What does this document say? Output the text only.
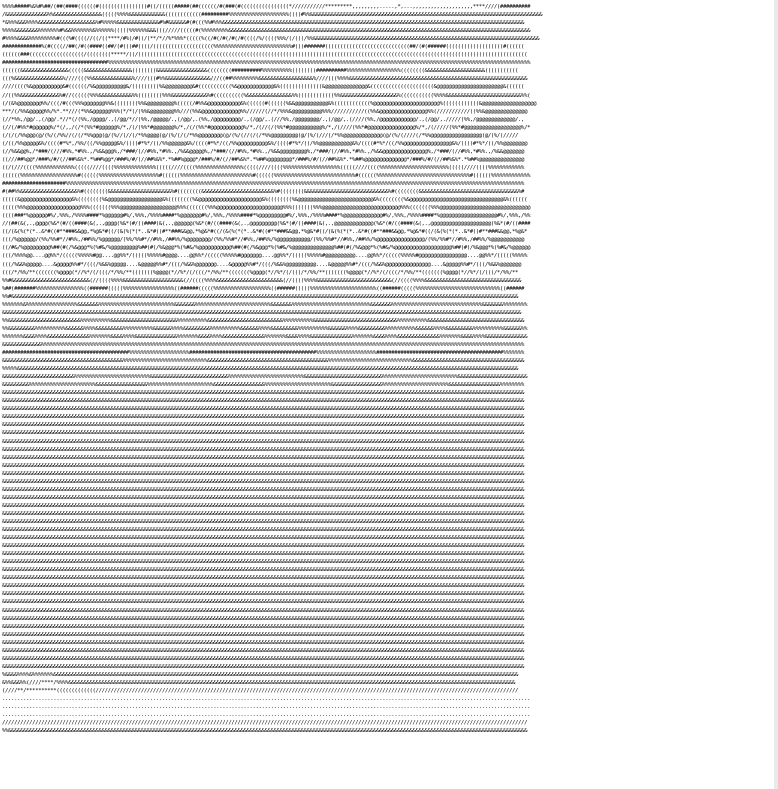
%%%%#####%&%#%##/(##(####((((((#((((((((((((((((#((/(((((#####(##((((((/#(###(#((((((((((((((((*///////////*********,,,,,,,,,.....,*,...,,,,,,,,,,,,,,,,,,,,****////(##########
/&&&&&&&&&&&&&&%%&&&&&&&&&&&&&&&&(((((%%%%&&&&&&&&&&&&((((((((((((#########%%%%%%%%%%%%%%%%%%%%((((#%%&&&&&&&&&&&&&&&&&&&&&&&&&&&&&&&&&&&&&&&&&&&&&&&&&&&&&&&&&&&&&&&&&&&&&&&&&&&&&
*&%%%&&&%%%%&&&&&&&&&&&&&&&&&&&%#%%%%%&&&&&&&&&&&&&&#%#&&&&&&#(#(((%%#%%%&&&&&&&&&&&&&&&&&&&&&&&&&&&&&&&&&&&&&&&&&&&&&&&&&&&&&&&&&&&&&&&&&&&&&&&&&&&&&&&&&&&&&&&&&&&&&&&&&&&&
%%%%&&&&&&&&%%%%%%%#%&&%%%%%%%&%%%%%%(((((%%%%%%&&&(((/////(((((#(%%%%%%%%%&&&&&&&&&&&&&&&&&&&&&&&&&&&&&&&&&&&&&&&&&&&&&&&&&&&&&&&&&&&&&&&&&&&&&&&&&&&&&&&&&&&&&&&&&&&&&&&&&&&&
#%%%%&&&&%%%%%%%%%#(((%#((((//((/((****/#%(/#((/(**/*//%*%%%*(((((%((/#(/#(/#(/#((((/%/((((%%%/(/(((/%%&&&&&&&&&&&&&&&&&&&&&&&&&&&&&&&&&&&&&&&&&&&&&&&&&&&&&&&&&&&&&&&&&&&&&&&&&&&
#############%(#((((//##(/#((####((##/(#(((##((((/((((((((((((((((((((%%%%%%%%%%%%%%%%%%%%%%%%%%#(((#######((((((((((((((((((((((((((((##/(#(######(((((((((((((((((((#((((((
((((((###((((((((((((((((((/((((((((*****/((/(((((((((((((((((((((((((((((((((((((((((((((((((((((((((((((((((((((((((((((((((((((((((((((((((((((((((((((((((((((((((((((((((
###################################%%%%%%%%%%%%%%%%%%%%%%%%%%%%%%%%%%%%%%%%%%%%%%%%%%%%%%%%%%%%%%%%%%%%%%%%%%%%%%%%%%%%%%%%%%%%%%%%%%%%%%%%%%%%%%%%%%%%%%%%%%%%%%%%%%%%%%%%%%%%
((((((&&&&&&&&&&&&&&&&(((((&&&&&&&&&&&&&&&&((((((((&&&&&&&&&&&&&&&&&((((((((##########%%%%%%%%%%((((((((##########%%%%%%%%%%%%%%%%%%((((((((&&&&&&&&&&&&&&&&&&&&(((((((((((
(((%&&&&&&&&&&&&&&&&%////(((%%&&&&&&&&&&&&&%////(((#%%&&&&&&&&&&&&&&&///((##%%%%%%%%%&&&&&&&&&&&&&&&&&&%////(((%%%%&&&&&&&&&&&&&&&&&&&&&&&&&&&&&&&&&&&&&&&&&&&&&&&&&&&&&&&&&&&
////((((%&@@@@@@@@@@&#((((((/%&@@@@@@@@@@&/(((((((((%&@@@@@@@@@&#(((((((((((%&@@@@@@@@@@@@&%((((((((((((((&@@@@@@@@@@@@@@&(((((((((((((((((((((&@@@@@@@@@@@@@@@@@@@@@@&((((((
//((%%&&&&&&&&&&&&&%#//((((((%%%&&&&&&&&&&&%%((((((((%%%&&&&&&&&&&&&%#((((((((((%&&&&&&&&&&&&&&&%%((((((((((((%%&&&&&&&&&&&&&&&&&&&%(((((((((((%%%%&&&&&&&&&&&&&&&&&&&&&&&&&%%(
(/(&%@@@@@@@@%%/(((/#(((%%%@@@@@@@%%&((((((((%%&@@@@@@@@@%(((((/#%%&@@@@@@@@@@@&%((((((#((((((%&&@@@@@@@@@@@&%((((((((((((%@@@@@@@@@@@@@@@@@@@@@@%((((((((((((&@@@@@@@@@@@@@@@@@@
***/(/%%&@@@@@%%/%*.**///(*%%&@@@@@@%%%(*/*(/(%%&@@@@@@@@%%///(%%&@@@@@@@@@@@@@%%//////(//*/%%%&@@@@@@@@@@%%%///////////((%%&@@@@@@@@@@@@@@@@%%(///////////((%%&@@@@@@@@@@@@@@
(//*%%,/@@/.,(/@@/.*//*(/(%%,/@@@@/.,(/@@/*//(%%,/@@@@@/.,(/@@/,.(%%,/@@@@@@@@@/.,(/@@/,.(///%%,/@@@@@@@@/.,(/@@/,.(////(%%,/@@@@@@@@@@@@/.,(/@@/,./////(%%,/@@@@@@@@@@@@@/.,
(//(/#%%*#@@@@@@%/*(/,,/(/*(%%*#@@@@@@%/*,/(/(%%*#@@@@@@@%/*,/(/(%%*#@@@@@@@@@@@%/*,/(//(/(%%*#@@@@@@@@@@@%/*,/(////(%%*#@@@@@@@@@@@@@@@@%/*,/(/////(%%*#@@@@@@@@@@@@@@@@@@@%/*
(/(/(/%%@@@(@/(%/(/%%//(/(/*%%@@@(@/(%//(//(/*%%@@@@(@/(%/(/(/*%%@@@@@@@@(@/(%/(//(/(/*%%@@@@@@@@@(@/(%/(///(/*%%@@@@@@@@@@@@@(@/(%/(////(/*%%@@@@@@@@@@@@@@@@@(@/(%/(/////
(/((/%%@@@@@&%/((((#*%*,/%%/((/%%@@@@@&%/((((#*%*/((/%%@@@@@@&%/((((#*%*/((/%%@@@@@@@@@@&%/((((#*%*/((/%%@@@@@@@@@@@&%/((((#*%*/((/%%@@@@@@@@@@@@@@@@&%/((((#*%*/((/%%@@@@@@@@
(//%&&@@%,/*###/(///#%%,*#%%.,/%&&@@@%,/*###/(//#%%,*#%%.,/%&&@@@@@%,/*###/(//#%%,*#%%.,/%&&@@@@@@@@@%,/*###/(//#%%,*#%%.,/%&&@@@@@@@@@@@@@@@%,/*###/(//#%%,*#%%.,/%&&@@@@@@@
((///##%@@*/###%/#/(//##%&%*.*%##%@@*/###%/#/(//##%&%*.*%##%@@@@*/###%/#/(//##%&%*.*%##%@@@@@@@@*/###%/#/(//##%&%*.*%##%@@@@@@@@@@@@@@*/###%/#/(//##%&%*.*%##%@@@@@@@@@@@@@@@
((/(///((((%%%%%%%%%%%%%(((((////((((%%%%%%%%%%%%%%(((((////((((%%%%%%%%%%%%%%%%(((((////((((%%%%%%%%%%%%%%%%%%%(((((////((((%%%%%%%%%%%%%%%%%%%%%%%(((((////((((%%%%%%%%%%%%
((((((%%%%%%%%%%%%%%%%%%%#((((((%%%%%%%%%%%%%%%%%%%%#((((((%%%%%%%%%%%%%%%%%%%%%%%%#((((((%%%%%%%%%%%%%%%%%%%%%%%%%%%#((((((%%%%%%%%%%%%%%%%%%%%%%%%%%%%%%%#((((((%%%%%%%%%%%%%
#####################%%%%%%%%%%%%%%%%%%%%%%%%%%%%%%%%%%%%%%%%%%%%%%%%%%%%%%%%%%%%%%%%%%%%%%%%%%%%%%%%%%%%%%%%%%%%%%%%%%%%%%%%%%%%%%%%%%%%%%%%%%%%%%%%%%%%%%%%%%%%%%%%%%%%%%%%
#(##%%&&&&&&&&&&&&&&&&&&&%#((((((((&&&&&&&&&&&&&&&&&&&&&%#((((((((&&&&&&&&&&&&&&&&&&&&&&&&%#((((((((&&&&&&&&&&&&&&&&&&&&&&&&&&&&%#((((((((&&&&&&&&&&&&&&&&&&&&&&&&&&&&&&&&&%#
(((((&@@@@@@@@@@@@@@@@@&%((((((((%&@@@@@@@@@@@@@@@@@@&%((((((((%&@@@@@@@@@@@@@@@@@@@@@&%((((((((%&@@@@@@@@@@@@@@@@@@@@@@@@@&%((((((((%&@@@@@@@@@@@@@@@@@@@@@@@@@@@@@@@&%((((((
(((((%%%@@@@@@@@@@@@@@@@@@%%%(((((((%%%@@@@@@@@@@@@@@@@@@@%%%(((((((%%%@@@@@@@@@@@@@@@@@@@@@@%%%(((((((%%%@@@@@@@@@@@@@@@@@@@@@@@@@@%%%(((((((%%%@@@@@@@@@@@@@@@@@@@@@@@@@@@@@@
((((###*%@@@@@@#%/,%%%,/%%%%####*%@@@@@@#%/,%%%,/%%%%####*%@@@@@@@#%/,%%%,/%%%%####*%@@@@@@@@@#%/,%%%,/%%%%####*%@@@@@@@@@@@@@#%/,%%%,/%%%%####*%@@@@@@@@@@@@@@@@@@@#%/,%%%,/%%
//(##(&(,.,@@@@(%&*(#/((####(&(,.,@@@@(%&*(#/((####(&(,.,@@@@@@(%&*(#/((####(&(,.,@@@@@@@@@(%&*(#/((####(&(,.,@@@@@@@@@@@@@(%&*(#/((####(&(,.,@@@@@@@@@@@@@@@@@@@@(%&*(#/((####
((/(&(%(*(*..&*#((#**###&&@@,*%@&*#((/(&(%(*(*..&*#((#**###&&@@,*%@&*#((/(&(%(*(*..&*#((#**###&&@@,*%@&*#((/(&(%(*(*..&*#((#**###&&@@,*%@&*#((/(&(%(*(*..&*#((#**###&&@@,*%@&*
(((/%@@@@@@/(%%/%%#*//#%%,/##%%/%@@@@@@/(%%/%%#*//#%%,/##%%/%@@@@@@@@/(%%/%%#*//#%%,/##%%/%@@@@@@@@@@@/(%%/%%#*//#%%,/##%%/%@@@@@@@@@@@@@@@@/(%%/%%#*//#%%,/##%%/%@@@@@@@@@@@
((/#&/%@@@@@@@@@%##(#(/%&@@@*%(%#&/%@@@@@@@@@%##(#(/%&@@@*%(%#&/%@@@@@@@@@@@%##(#(/%&@@@*%(%#&/%@@@@@@@@@@@@@@%##(#(/%&@@@*%(%#&/%@@@@@@@@@@@@@@@@@@@%##(#(/%&@@@*%(%#&/%@@@@@@
(((/%%%%@@....@@%%*/(((((%%%%%#@@....@@%%*/(((((%%%%%#@@@@....@@%%*/(((((%%%%%#@@@@@@@....@@%%*/(((((%%%%%#@@@@@@@@@@....@@%%*/(((((%%%%%#@@@@@@@@@@@@@@@@....@@%%*/(((((%%%%%
(((/%&&%@@@@@....&@@@@@%%#*/(((/%&&%@@@@@....&@@@@@%%#*/(((/%&&%@@@@@@@....&@@@@@%%#*/(((/%&&%@@@@@@@@@@....&@@@@@%%#*/(((/%&&%@@@@@@@@@@@@@@@....&@@@@@%%#*/(((/%&&%@@@@@@@
(((/*/%%/**(((((((%@@@@(*//%*/(/(((/*/%%/**(((((((%@@@@(*//%*/(/(((/*/%%/**(((((((%@@@@(*//%*/(/(((/*/%%/**(((((((%@@@@(*//%*/(/(((/*/%%/**(((((((%@@@@(*//%*/(/(((/*/%%/**
%%#&&&&&&&&&&&&&&&&&&&&&&&&&&(//((((%%%%&&&&&&&&&&&&&&&&&&&&(//((((%%%%&&&&&&&&&&&&&&&&&&&&&&(//((((%%%%&&&&&&&&&&&&&&&&&&&&&&&&&(//((((%%%%&&&&&&&&&&&&&&&&&&&&&&&&&&&&&&&&
%##(#######%%%%%%%%%%%%%%%%((######(((((%%%%%%%%%%%%%%%%%((######(((((%%%%%%%%%%%%%%%%%%%((######(((((%%%%%%%%%%%%%%%%%%%%%%((######(((((%%%%%%%%%%%%%%%%%%%%%%%%%%%%((######
%%#&&&&&&&&&&&&&&&&&&&&&&&&&&&&&&&&&&&&&&&&&&&&&&&&&&&&&&&&&&&&&&&&&&&&&&&&&&&&&&&&&&&&&&&&&&&&&&&&&&&&&&&&&&&&&&&&&&&&&&&&&&&&&&&&&&&&&&&&&&&&&&&&&&&&&&&&&&&&&&&&&&&&&&&&
%%%%%%%&%%%%%%%%%%%%%%%%%&&&&&&&%%%%%%%%%%%%%%%%%%%%%%%%%&&&&&&&%%%%%%%%%%%%%%%%%%%%%%%%%&&&&&&&%%%%%%%%%%%%%%%%%%%%%%%%%%&&&&&&&%%%%%%%%%%%%%%%%%%%%%%%%%%%%%%&&&&&&&%%%%%%%%
&&&&&&&&&&&&&&&&&&&&&&&&&&&&&&&&&&&&&&&&&&&&&&&&&&&&&&&&&&&&&&&&&&&&&&&&&&&&&&&&&&&&&&&&&&&&&&&&&&&&&&&&&&&&&&&&&&&&&&&&&&&&&&&&&&&&&&&&&&&&&&&&&&&&&&&&&&&&&&&&&&&&&&&&&&&&
%%&&&&&&&&&&&&&&&&&&&&&&&&%%%%%%%%%%&&&&&&&&&&&&&&&&&&&&&&%%%%%%%%%%&&&&&&&&&&&&&&&&&&&&&&&&&%%%%%%%%%%&&&&&&&&&&&&&&&&&&&&&&&&&&&&%%%%%%%%%%&&&&&&&&&&&&&&&&&&&&&&&&&&&&&&&&
%%&&&&&&&&&%%%%%%%%%%&&&&&&%%%%&&&&&&&&&%%%%%%%%%%&&&&&&%%%%&&&&&&&&&%%%%%%%%%%&&&&&&%%%%&&&&&&&&&%%%%%%%%%%&&&&&&%%%%&&&&&&&&&%%%%%%%%%%&&&&&&%%%%&&&&&&&&&%%%%%%%%%%&&&&&&%%
%%%%%%%&&&&%%%%&&&&&&&&&&&&&&%%%%%%%&&&&%%%%&&&&&&&&&&&&&&%%%%%%%&&&&%%%%&&&&&&&&&&&&&&%%%%%%%&&&&%%%%&&&&&&&&&&&&&&%%%%%%%&&&&%%%%&&&&&&&&&&&&&&%%%%%%%&&&&%%%%&&&&&&&&&&&&&&
&&&&&&&&&&&&&%%%%%%%%%%%%%%%%%%%%%%%%%%%%%%%%%%%%%%%%%%%%%%%%%%%%%%%%%%%%%%%%%%%%%%%%%%%%%%%%%%%%%%%%%%%%%%%%%%%%%%%%%%%%%%%%%%%%%%%%%%%%%%%%%%%%%%%%%%%%%%%%%%%%%%%%%%%%%%%%
##########################################%%%%%%%%%%%%%%%%%%%%##########################################%%%%%%%%%%%%%%%%%%%%##########################################%%%%%%%
&&&&&&&&&&&&&&&&&&&&&&&&&&&&&&&&&&&&&&&&%%%%%%%%%%%%%%%%%%%%%%%%%%%%&&&&&&&&&&&&&&&&&&&&&&&&&&&&&&&&&&&&&&&&%%%%%%%%%%%%%%%%%%%%%%%%%%%%&&&&&&&&&&&&&&&&&&&&&&&&&&&&&&&&&&&&&
%%%%%&&&&&&&&&&&&&&&&&&&&&&&&&&&&&&&&&&&&&&&&&&&&&&&&&&&&&&&&&&&&&&&&&&&&&&&&&&&&&&&&&&&&&&&&&&&&&&&&&&&&&&&&&&&&&&&&&&&&&&&&&&&&&&&&&&&&&&&&&&&&&&&&&&&&&&&&&&&&&&&&&&&&&&
&&&&&&&&&&&&&&&&&&&&&&&&%%%%%%%%%%%%%%%%%%%%%%%%%&&&&&&&&&&&&&&&&&&&&&&&&&&%%%%%%%%%%%%%%%%%%%%%%%%%&&&&&&&&&&&&&&&&&&&&&&&&&&%%%%%%%%%%%%%%%%%%%%%%%%%&&&&&&&&&&&&&&&&&&&&&&&
&&&&&&&&&%%%%%%%%%%%%%%%%%%%%%%&&&&&&&&&&&&&&&&&%%%%%%%%%%%%%%%%%%%%%%&&&&&&&&&&&&&&&&&%%%%%%%%%%%%%%%%%%%%%%&&&&&&&&&&&&&&&&&%%%%%%%%%%%%%%%%%%%%%%&&&&&&&&&&&&&&&&&%%%%%%%%
&&&&&&&&&&&&&&&&&&&&&&&&&&&&&&&&&&&&&&&&&&&&&&&&&&&&&&&&&&&&&&&&&&&&&&&&&&&&&&&&&&&&&&&&&&&&&&&&&&&&&&&&&&&&&&&&&&&&&&&&&&&&&&&&&&&&&&&&&&&&&&&&&&&&&&&&&&&&&&&&&&&&&&&&&&&&&
&&&&&&&&&&&&&&&&&&&&&&&&&&&&&&&&&&&&&&&&&&&&&&&&&&&&&&&&&&&&&&&&&&&&&&&&&&&&&&&&&&&&&&&&&&&&&&&&&&&&&&&&&&&&&&&&&&&&&&&&&&&&&&&&&&&&&&&&&&&&&&&&&&&&&&&&&&&&&&&&&&&&&&&&&&&&&
&&&&&&&&&&&&&&&&&&&&&&&&&&&&&&&&&&&&&&&&&&&&&&&&&&&&&&&&&&&&&&&&&&&&&&&&&&&&&&&&&&&&&&&&&&&&&&&&&&&&&&&&&&&&&&&&&&&&&&&&&&&&&&&&&&&&&&&&&&&&&&&&&&&&&&&&&&&&&&&&&&&&&&&&&&&&&
&&&&&&&&&&&&&&&&&&&&&&&&&&&&&&&&&&&&&&&&&&&&&&&&&&&&&&&&&&&&&&&&&&&&&&&&&&&&&&&&&&&&&&&&&&&&&&&&&&&&&&&&&&&&&&&&&&&&&&&&&&&&&&&&&&&&&&&&&&&&&&&&&&&&&&&&&&&&&&&&&&&&&&&&&&&&&
&&&&&&&&&&&&&&&&&&&&&&&&&&&&&&&&&&&&&&&&&&&&&&&&&&&&&&&&&&&&&&&&&&&&&&&&&&&&&&&&&&&&&&&&&&&&&&&&&&&&&&&&&&&&&&&&&&&&&&&&&&&&&&&&&&&&&&&&&&&&&&&&&&&&&&&&&&&&&&&&&&&&&&&&&&&&&
&&&&&&&&&&&&&&&&&&&&&&&&&&&&&&&&&&&&&&&&&&&&&&&&&&&&&&&&&&&&&&&&&&&&&&&&&&&&&&&&&&&&&&&&&&&&&&&&&&&&&&&&&&&&&&&&&&&&&&&&&&&&&&&&&&&&&&&&&&&&&&&&&&&&&&&&&&&&&&&&&&&&&&&&&&&&&
&&&&&&&&&&&&&&&&&&&&&&&&&&&&&&&&&&&&&&&&&&&&&&&&&&&&&&&&&&&&&&&&&&&&&&&&&&&&&&&&&&&&&&&&&&&&&&&&&&&&&&&&&&&&&&&&&&&&&&&&&&&&&&&&&&&&&&&&&&&&&&&&&&&&&&&&&&&&&&&&&&&&&&&&&&&&&
&&&&&&&&&&&&&&&&&&&&&&&&&&&&&&&&&&&&&&&&&&&&&&&&&&&&&&&&&&&&&&&&&&&&&&&&&&&&&&&&&&&&&&&&&&&&&&&&&&&&&&&&&&&&&&&&&&&&&&&&&&&&&&&&&&&&&&&&&&&&&&&&&&&&&&&&&&&&&&&&&&&&&&&&&&&&&
&&&&&&&&&&&&&&&&&&&&&&&&&&&&&&&&&&&&&&&&&&&&&&&&&&&&&&&&&&&&&&&&&&&&&&&&&&&&&&&&&&&&&&&&&&&&&&&&&&&&&&&&&&&&&&&&&&&&&&&&&&&&&&&&&&&&&&&&&&&&&&&&&&&&&&&&&&&&&&&&&&&&&&&&&&&&&
&&&&&&&&&&&&&&&&&&&&&&&&&&&&&&&&&&&&&&&&&&&&&&&&&&&&&&&&&&&&&&&&&&&&&&&&&&&&&&&&&&&&&&&&&&&&&&&&&&&&&&&&&&&&&&&&&&&&&&&&&&&&&&&&&&&&&&&&&&&&&&&&&&&&&&&&&&&&&&&&&&&&&&&&&&&&&
&&&&&&&&&&&&&&&&&&&&&&&&&&&&&&&&&&&&&&&&&&&&&&&&&&&&&&&&&&&&&&&&&&&&&&&&&&&&&&&&&&&&&&&&&&&&&&&&&&&&&&&&&&&&&&&&&&&&&&&&&&&&&&&&&&&&&&&&&&&&&&&&&&&&&&&&&&&&&&&&&&&&&&&&&&&&&
&&&&&&&&&&&&&&&&&&&&&&&&&&&&&&&&&&&&&&&&&&&&&&&&&&&&&&&&&&&&&&&&&&&&&&&&&&&&&&&&&&&&&&&&&&&&&&&&&&&&&&&&&&&&&&&&&&&&&&&&&&&&&&&&&&&&&&&&&&&&&&&&&&&&&&&&&&&&&&&&&&&&&&&&&&&&&
&&&&&&&&&&&&&&&&&&&&&&&&&&&&&&&&&&&&&&&&&&&&&&&&&&&&&&&&&&&&&&&&&&&&&&&&&&&&&&&&&&&&&&&&&&&&&&&&&&&&&&&&&&&&&&&&&&&&&&&&&&&&&&&&&&&&&&&&&&&&&&&&&&&&&&&&&&&&&&&&&&&&&&&&&&&&&
&&&&&&&&&&&&&&&&&&&&&&&&&&&&&&&&&&&&&&&&&&&&&&&&&&&&&&&&&&&&&&&&&&&&&&&&&&&&&&&&&&&&&&&&&&&&&&&&&&&&&&&&&&&&&&&&&&&&&&&&&&&&&&&&&&&&&&&&&&&&&&&&&&&&&&&&&&&&&&&&&&&&&&&&&&&&&
&&&&&&&&&&&&&&&&&&&&&&&&&&&&&&&&&&&&&&&&&&&&&&&&&&&&&&&&&&&&&&&&&&&&&&&&&&&&&&&&&&&&&&&&&&&&&&&&&&&&&&&&&&&&&&&&&&&&&&&&&&&&&&&&&&&&&&&&&&&&&&&&&&&&&&&&&&&&&&&&&&&&&&&&&&&&&
&&&&&&&&&&&&&&&&&&&&&&&&&&&&&&&&&&&&&&&&&&&&&&&&&&&&&&&&&&&&&&&&&&&&&&&&&&&&&&&&&&&&&&&&&&&&&&&&&&&&&&&&&&&&&&&&&&&&&&&&&&&&&&&&&&&&&&&&&&&&&&&&&&&&&&&&&&&&&&&&&&&&&&&&&&&&&
&&&&&&&&&&&&&&&&&&&&&&&&&&&&&&&&&&&&&&&&&&&&&&&&&&&&&&&&&&&&&&&&&&&&&&&&&&&&&&&&&&&&&&&&&&&&&&&&&&&&&&&&&&&&&&&&&&&&&&&&&&&&&&&&&&&&&&&&&&&&&&&&&&&&&&&&&&&&&&&&&&&&&&&&&&&&&
&&&&&&&&&&&&&&&&&&&&&&&&&&&&&&&&&&&&&&&&&&&&&&&&&&&&&&&&&&&&&&&&&&&&&&&&&&&&&&&&&&&&&&&&&&&&&&&&&&&&&&&&&&&&&&&&&&&&&&&&&&&&&&&&&&&&&&&&&&&&&&&&&&&&&&&&&&&&&&&&&&&&&&&&&&&&&
&&&&&&&&&&&&&&&&&&&&&&&&&&&&&&&&&&&&&&&&&&&&&&&&&&&&&&&&&&&&&&&&&&&&&&&&&&&&&&&&&&&&&&&&&&&&&&&&&&&&&&&&&&&&&&&&&&&&&&&&&&&&&&&&&&&&&&&&&&&&&&&&&&&&&&&&&&&&&&&&&&&&&&&&&&&&&
&&&&&&&&&&&&&&&&&&&&&&&&&&&&&&&&&&&&&&&&&&&&&&&&&&&&&&&&&&&&&&&&&&&&&&&&&&&&&&&&&&&&&&&&&&&&&&&&&&&&&&&&&&&&&&&&&&&&&&&&&&&&&&&&&&&&&&&&&&&&&&&&&&&&&&&&&&&&&&&&&&&&&&&&&&&&&
&&&&&&&&&&&&&&&&&&&&&&&&&&&&&&&&&&&&&&&&&&&&&&&&&&&&&&&&&&&&&&&&&&&&&&&&&&&&&&&&&&&&&&&&&&&&&&&&&&&&&&&&&&&&&&&&&&&&&&&&&&&&&&&&&&&&&&&&&&&&&&&&&&&&&&&&&&&&&&&&&&&&&&&&&&&&&
&&&&&&&&&&&&&&&&&&&&&&&&&&&&&&&&&&&&&&&&&&&&&&&&&&&&&&&&&&&&&&&&&&&&&&&&&&&&&&&&&&&&&&&&&&&&&&&&&&&&&&&&&&&&&&&&&&&&&&&&&&&&&&&&&&&&&&&&&&&&&&&&&&&&&&&&&&&&&&&&&&&&&&&&&&&&&
&&&&&&&&&&&&&&&&&&&&&&&&&&&&&&&&&&&&&&&&&&&&&&&&&&&&&&&&&&&&&&&&&&&&&&&&&&&&&&&&&&&&&&&&&&&&&&&&&&&&&&&&&&&&&&&&&&&&&&&&&&&&&&&&&&&&&&&&&&&&&&&&&&&&&&&&&&&&&&&&&&&&&&&&&&&&&
&&&&&&&&&&&&&&&&&&&&&&&&&&&&&&&&&&&&&&&&&&&&&&&&&&&&&&&&&&&&&&&&&&&&&&&&&&&&&&&&&&&&&&&&&&&&&&&&&&&&&&&&&&&&&&&&&&&&&&&&&&&&&&&&&&&&&&&&&&&&&&&&&&&&&&&&&&&&&&&&&&&&&&&&&&&&&
&&&&&&&&&&&&&&&&&&&&&&&&&&&&&&&&&&&&&&&&&&&&&&&&&&&&&&&&&&&&&&&&&&&&&&&&&&&&&&&&&&&&&&&&&&&&&&&&&&&&&&&&&&&&&&&&&&&&&&&&&&&&&&&&&&&&&&&&&&&&&&&&&&&&&&&&&&&&&&&&&&&&&&&&&&&&&
&&&&&&&&&&&&&&&&&&&&&&&&&&&&&&&&&&&&&&&&&&&&&&&&&&&&&&&&&&&&&&&&&&&&&&&&&&&&&&&&&&&&&&&&&&&&&&&&&&&&&&&&&&&&&&&&&&&&&&&&&&&&&&&&&&&&&&&&&&&&&&&&&&&&&&&&&&&&&&&&&&&&&&&&&&&&&
&&&&&&&&&&&&&&&&&&&&&&&&&&&&&&&&&&&&&&&&&&&&&&&&&&&&&&&&&&&&&&&&&&&&&&&&&&&&&&&&&&&&&&&&&&&&&&&&&&&&&&&&&&&&&&&&&&&&&&&&&&&&&&&&&&&&&&&&&&&&&&&&&&&&&&&&&&&&&&&&&&&&&&&&&&&&&
&&&&&&&&&&&&&&&&&&&&&&&&&&&&&&&&&&&&&&&&&&&&&&&&&&&&&&&&&&&&&&&&&&&&&&&&&&&&&&&&&&&&&&&&&&&&&&&&&&&&&&&&&&&&&&&&&&&&&&&&&&&&&&&&&&&&&&&&&&&&&&&&&&&&&&&&&&&&&&&&&&&&&&&&&&&&&
&&&&&&&&&&&&&&&&&&&&&&&&&&&&&&&&&&&&&&&&&&&&&&&&&&&&&&&&&&&&&&&&&&&&&&&&&&&&&&&&&&&&&&&&&&&&&&&&&&&&&&&&&&&&&&&&&&&&&&&&&&&&&&&&&&&&&&&&&&&&&&&&&&&&&&&&&&&&&&&&&&&&&&&&&&&&&
&&&&&&&&&&&&&&&&&&&&&&&&&&&&&&&&&&&&&&&&&&&&&&&&&&&&&&&&&&&&&&&&&&&&&&&&&&&&&&&&&&&&&&&&&&&&&&&&&&&&&&&&&&&&&&&&&&&&&&&&&&&&&&&&&&&&&&&&&&&&&&&&&&&&&&&&&&&&&&&&&&&&&&&&&&&&&
&&&&&&&&&&&&&&&&&&&&&&&&&&&&&&&&&&&&&&&&&&&&&&&&&&&&&&&&&&&&&&&&&&&&&&&&&&&&&&&&&&&&&&&&&&&&&&&&&&&&&&&&&&&&&&&&&&&&&&&&&&&&&&&&&&&&&&&&&&&&&&&&&&&&&&&&&&&&&&&&&&&&&&&&&&&&&
&&&&&&&&&&&&&&&&&&&&&&&&&&&&&&&&&&&&&&&&&&&&&&&&&&&&&&&&&&&&&&&&&&&&&&&&&&&&&&&&&&&&&&&&&&&&&&&&&&&&&&&&&&&&&&&&&&&&&&&&&&&&&&&&&&&&&&&&&&&&&&&&&&&&&&&&&&&&&&&&&&&&&&&&&&&&&
&&&&&&&&&&&&&&&&&&&&&&&&&&&&&&&&&&&&&&&&&&&&&&&&&&&&&&&&&&&&&&&&&&&&&&&&&&&&&&&&&&&&&&&&&&&&&&&&&&&&&&&&&&&&&&&&&&&&&&&&&&&&&&&&&&&&&&&&&&&&&&&&&&&&&&&&&&&&&&&&&&&&&&&&&&&&&
&&&&&&&&&&&&&&&&&&&&&&&&&&&&&&&&&&&&&&&&&&&&&&&&&&&&&&&&&&&&&&&&&&&&&&&&&&&&&&&&&&&&&&&&&&&&&&&&&&&&&&&&&&&&&&&&&&&&&&&&&&&&&&&&&&&&&&&&&&&&&&&&&&&&&&&&&&&&&&&&&&&&&&&&&&&&&
&&&&&&&&&&&&&&&&&&&&&&&&&&&&&&&&&&&&&&&&&&&&&&&&&&&&&&&&&&&&&&&&&&&&&&&&&&&&&&&&&&&&&&&&&&&&&&&&&&&&&&&&&&&&&&&&&&&&&&&&&&&&&&&&&&&&&&&&&&&&&&&&&&&&&&&&&&&&&&&&&&&&&&&&&&&&&
%&&&&%%%%&%%%%%%%&&&&&&&&&&&&&&&&&&&&&&&&&&&&&&&&&&&&&&&&&&&&&&&&&&&&&&&&&&&&&&&&&&&&&&&&&&&&&&&&&&&&&&&&&&&&&&&&&&&&&&&&&&&&&&&&&&&&&&&&&&&&&&&&&&&&&&&&&&&&&&&&&&&&&&&&&&
&%%&&&%%(////****/%%%%&&&&&&&&&&&&&&&&&&&&&&&&&&&&&&&&&&&&&&&&&&&&&&&&&&&&&&&&&&&&&&&&&&&&&&&&&&&&&&&&&&&&&&&&&&&&&&&&&&&&&&&&&&&&&&&&&&&&&&&&&&&&&&&&&&&&&&&&&&&&&&&&&&&&
(////**/**********(((((((((((((////////////////////////////////////////////////////////////////////////////////////////////////////////////////////////////////////////////
...............................................................................................................................................................................
...............................................................................................................................................................................
...............................................................................................................................................................................
//////////////////////////////////////////////////////////////////////////////////////////////////////////////////////////////////////////////////////////////////////////////
%%&&&&&&&&&&&&&&&&&&&&&&&&&&&&&&&&&&&&&&&&&&&&&&&&&&&&&&&&&&&&&&&&&&&&&&&&&&&&&&&&&&&&&&&&&&&&&&&&&&&&&&&&&&&&&&&&&&&&&&&&&&&&&&&&&&&&&&&&&&&&&&&&&&&&&&&&&&&&&&&&&&&&&&&&&&&&
